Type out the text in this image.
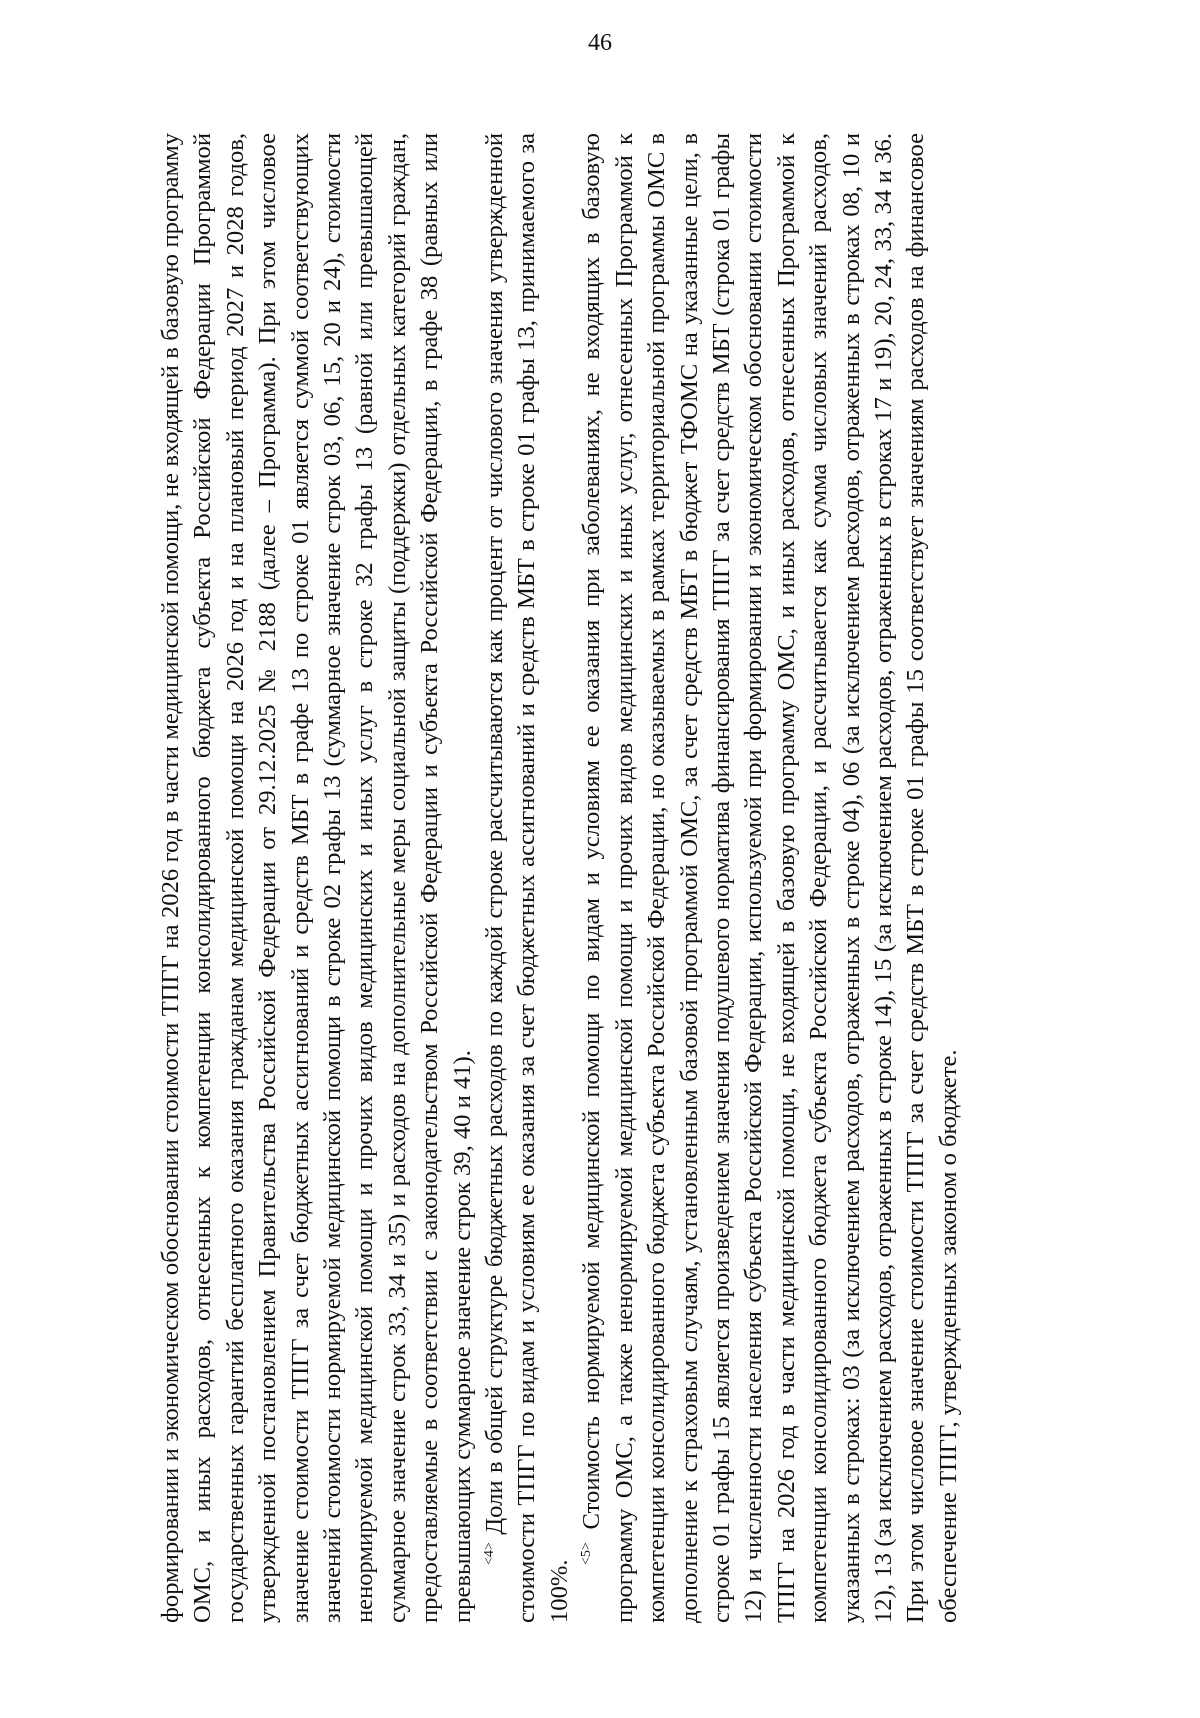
46

формировании и экономическом обосновании стоимости ТПГГ на 2026 год в части медицинской помощи, не входящей в базовую программу ОМС, и иных расходов, отнесенных к компетенции консолидированного бюджета субъекта Российской Федерации Программой государственных гарантий бесплатного оказания гражданам медицинской помощи на 2026 год и на плановый период 2027 и 2028 годов, утвержденной постановлением Правительства Российской Федерации от 29.12.2025 № 2188 (далее – Программа). При этом числовое значение стоимости ТПГГ за счет бюджетных ассигнований и средств МБТ в графе 13 по строке 01 является суммой соответствующих значений стоимости нормируемой медицинской помощи в строке 02 графы 13 (суммарное значение строк 03, 06, 15, 20 и 24), стоимости ненормируемой медицинской помощи и прочих видов медицинских и иных услуг в строке 32 графы 13 (равной или превышающей суммарное значение строк 33, 34 и 35) и расходов на дополнительные меры социальной защиты (поддержки) отдельных категорий граждан, предоставляемые в соответствии с законодательством Российской Федерации и субъекта Российской Федерации, в графе 38 (равных или превышающих суммарное значение строк 39, 40 и 41). $^{<4>}$ Доли в общей структуре бюджетных расходов по каждой строке рассчитываются как процент от числового значения утвержденной стоимости ТПГГ по видам и условиям ее оказания за счет бюджетных ассигнований и средств МБТ в строке 01 графы 13, принимаемого за 100%.

$^{<5>}$ Стоимость нормируемой медицинской помощи по видам и условиям ее оказания при заболеваниях, не входящих в базовую программу ОМС, а также ненормируемой медицинской помощи и прочих видов медицинских и иных услуг, отнесенных Программой к компетенции консолидированного бюджета субъекта Российской Федерации, но оказываемых в рамках территориальной программы ОМС в дополнение к страховым случаям, установленным базовой программой ОМС, за счет средств МБТ в бюджет ТФОМС на указанные цели, в строке 01 графы 15 является произведением значения подушевого норматива финансирования ТПГГ за счет средств МБТ (строка 01 графы 12) и численности населения субъекта Российской Федерации, используемой при формировании и экономическом обосновании стоимости ТПГГ на 2026 год в части медицинской помощи, не входящей в базовую программу ОМС, и иных расходов, отнесенных Программой к компетенции консолидированного бюджета субъекта Российской Федерации, и рассчитывается как сумма числовых значений расходов, указанных в строках: 03 (за исключением расходов, отраженных в строке 04), 06 (за исключением расходов, отраженных в строках 08, 10 и 12), 13 (за исключением расходов, отраженных в строке 14), 15 (за исключением расходов, отраженных в строках 17 и 19), 20, 24, 33, 34 и 36. При этом числовое значение стоимости ТПГГ за счет средств МБТ в строке 01 графы 15 соответствует значениям расходов на финансовое обеспечение ТПГГ, утвержденных законом о бюджете.
